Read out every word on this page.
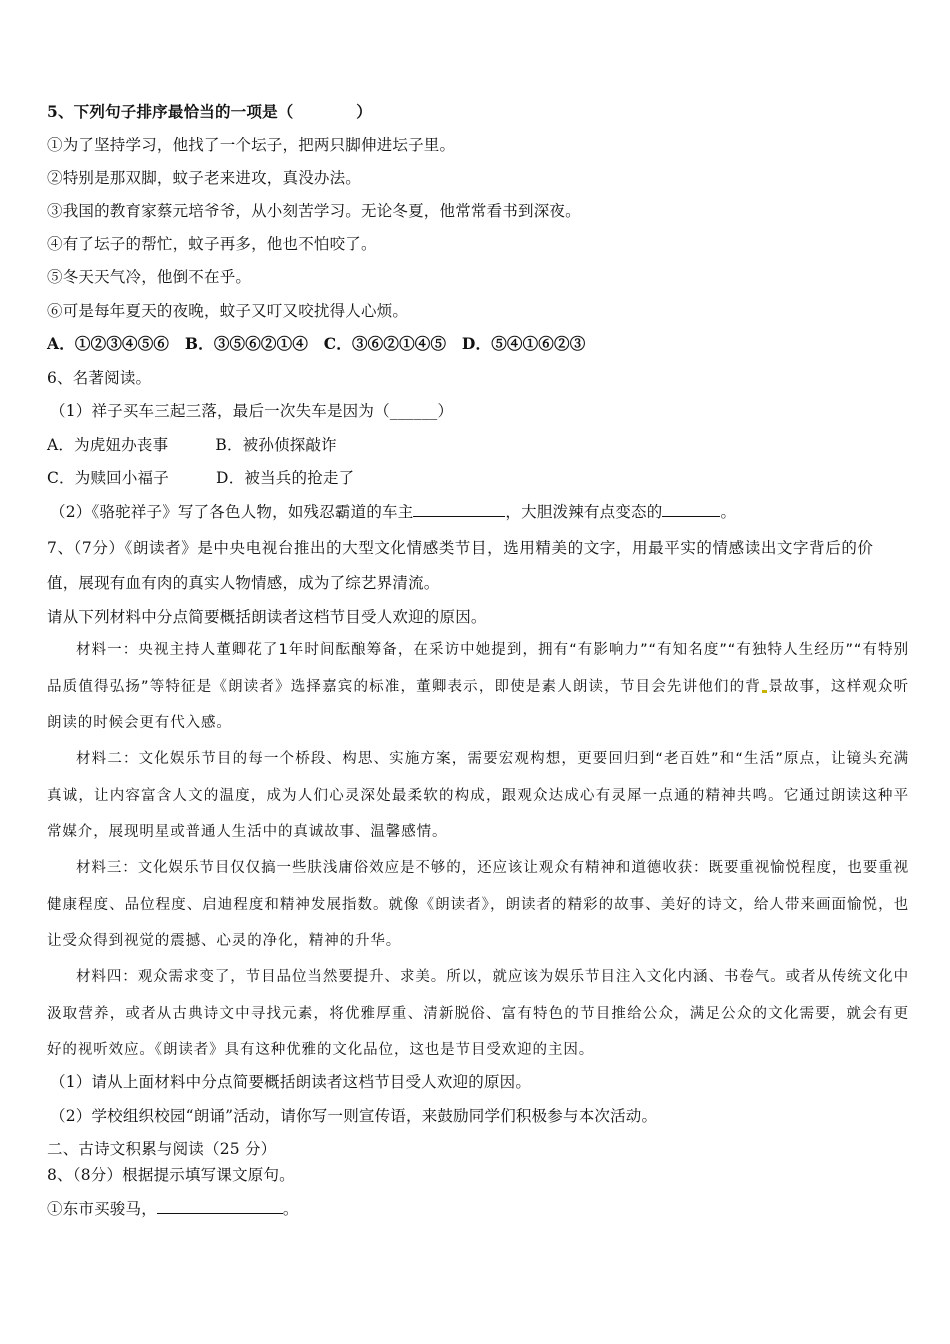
5、下列句子排序最恰当的一项是（　　　　）
①为了坚持学习，他找了一个坛子，把两只脚伸进坛子里。
②特别是那双脚，蚊子老来进攻，真没办法。
③我国的教育家蔡元培爷爷，从小刻苦学习。无论冬夏，他常常看书到深夜。
④有了坛子的帮忙，蚊子再多，他也不怕咬了。
⑤冬天天气冷，他倒不在乎。
⑥可是每年夏天的夜晚，蚊子又叮又咬扰得人心烦。
A．①②③④⑤⑥　B．③⑤⑥②①④　C．③⑥②①④⑤　D．⑤④①⑥②③
6、名著阅读。
（1）祥子买车三起三落，最后一次失车是因为（______）
A．为虎妞办丧事　　　B．被孙侦探敲诈
C．为赎回小福子　　　D．被当兵的抢走了
（2）《骆驼祥子》写了各色人物，如残忍霸道的车主	，大胆泼辣有点变态的	。
7、（7分）《朗读者》是中央电视台推出的大型文化情感类节目，选用精美的文字，用最平实的情感读出文字背后的价
值，展现有血有肉的真实人物情感，成为了综艺界清流。
请从下列材料中分点简要概括朗读者这档节目受人欢迎的原因。
材料一：央视主持人董卿花了1年时间酝酿筹备，在采访中她提到，拥有“有影响力”“有知名度”“有独特人生经历”“有特别品质值得弘扬”等特征是《朗读者》选择嘉宾的标准，董卿表示，即使是素人朗读，节目会先讲他们的背 景故事，这样观众听朗读的时候会更有代入感。
材料二：文化娱乐节目的每一个桥段、构思、实施方案，需要宏观构想，更要回归到“老百姓”和“生活”原点，让镜头充满真诚，让内容富含人文的温度，成为人们心灵深处最柔软的构成，跟观众达成心有灵犀一点通的精神共鸣。它通过朗读这种平常媒介，展现明星或普通人生活中的真诚故事、温馨感情。
材料三：文化娱乐节目仅仅搞一些肤浅庸俗效应是不够的，还应该让观众有精神和道德收获：既要重视愉悦程度，也要重视健康程度、品位程度、启迪程度和精神发展指数。就像《朗读者》，朗读者的精彩的故事、美好的诗文，给人带来画面愉悦，也让受众得到视觉的震撼、心灵的净化，精神的升华。
材料四：观众需求变了，节目品位当然要提升、求美。所以，就应该为娱乐节目注入文化内涵、书卷气。或者从传统文化中汲取营养，或者从古典诗文中寻找元素，将优雅厚重、清新脱俗、富有特色的节目推给公众，满足公众的文化需要，就会有更好的视听效应。《朗读者》具有这种优雅的文化品位，这也是节目受欢迎的主因。
（1）请从上面材料中分点简要概括朗读者这档节目受人欢迎的原因。
（2）学校组织校园“朗诵”活动，请你写一则宣传语，来鼓励同学们积极参与本次活动。
二、古诗文积累与阅读（25 分）
8、（8分）根据提示填写课文原句。
①东市买骏马，	。
